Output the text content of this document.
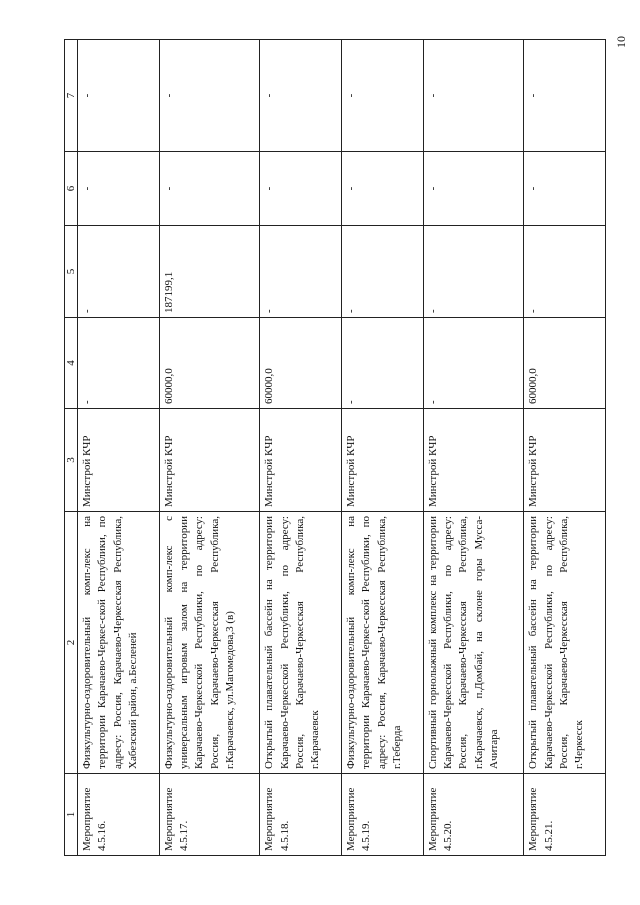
10
1	2	3	4	5	6	7
Мероприятие
4.5.16.	Физкультурно-оздоровительный комп-лекс на территории Карачаево-Черкес-ской Республики, по адресу: Россия, Карачаево-Черкесская Республика, Хабезский район, а.Бесленей	Минстрой КЧР	-	-	-	-
Мероприятие
4.5.17.	Физкультурно-оздоровительный комп-лекс с универсальным игровым залом на территории Карачаево-Черкесской Республики, по адресу: Россия, Карачаево-Черкесская Республика, г.Карачаевск, ул.Магомедова,3 (в)	Минстрой КЧР	60000,0	187199,1	-	-
Мероприятие
4.5.18.	Открытый плавательный бассейн на территории Карачаево-Черкесской Республики, по адресу: Россия, Карачаево-Черкесская Республика, г.Карачаевск	Минстрой КЧР	60000,0	-	-	-
Мероприятие
4.5.19.	Физкультурно-оздоровительный комп-лекс на территории Карачаево-Черкес-ской Республики, по адресу: Россия, Карачаево-Черкесская Республика, г.Теберда	Минстрой КЧР	-	-	-	-
Мероприятие
4.5.20.	Спортивный горнолыжный комплекс на территории Карачаево-Черкесской Республики, по адресу: Россия, Карачаево-Черкесская Республика, г.Карачаевск, п.Домбай, на склоне горы Мусса-Ачитара	Минстрой КЧР	-	-	-	-
Мероприятие
4.5.21.	Открытый плавательный бассейн на территории Карачаево-Черкесской Республики, по адресу: Россия, Карачаево-Черкесская Республика, г.Черкесск	Минстрой КЧР	60000,0	-	-	-
